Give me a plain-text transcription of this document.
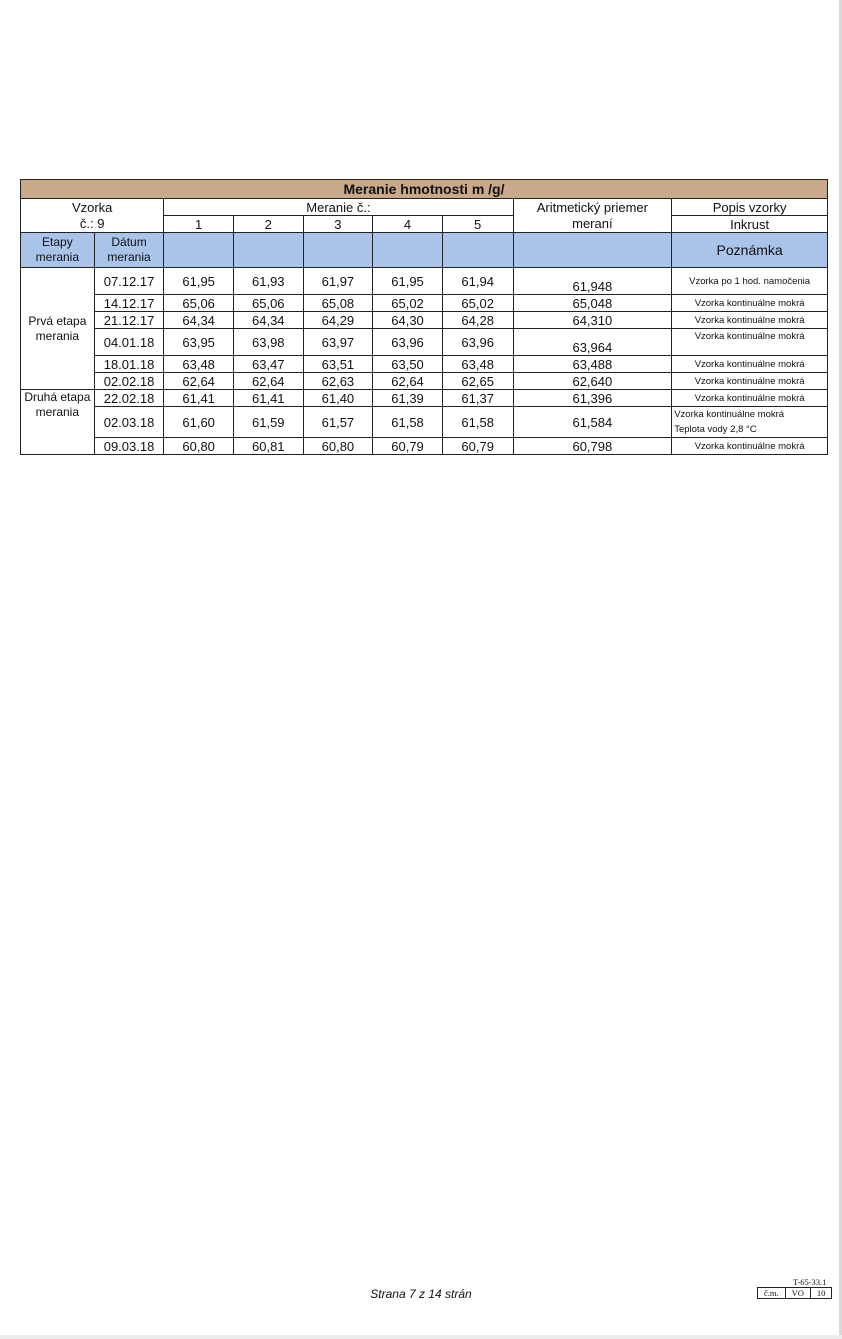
Meranie hmotnosti m /g/								
Vzorka		Meranie č.:					Aritmetický priemer	Popis vzorky
č.: 9		1	2	3	4	5	meraní	Inkrust
Etapy merania	Dátum merania							Poznámka
Prvá etapa merania	07.12.17	61,95	61,93	61,97	61,95	61,94	61,948	Vzorka po 1 hod. namočenia
	14.12.17	65,06	65,06	65,08	65,02	65,02	65,048	Vzorka kontinuálne mokrá
	21.12.17	64,34	64,34	64,29	64,30	64,28	64,310	Vzorka kontinuálne mokrá
	04.01.18	63,95	63,98	63,97	63,96	63,96	63,964	Vzorka kontinuálne mokrá
	18.01.18	63,48	63,47	63,51	63,50	63,48	63,488	Vzorka kontinuálne mokrá
	02.02.18	62,64	62,64	62,63	62,64	62,65	62,640	Vzorka kontinuálne mokrá
Druhá etapa merania	22.02.18	61,41	61,41	61,40	61,39	61,37	61,396	Vzorka kontinuálne mokrá
	02.03.18	61,60	61,59	61,57	61,58	61,58	61,584	Vzorka kontinuálne mokrá
Teplota vody 2,8 °C

	09.03.18	60,80	60,81	60,80	60,79	60,79	60,798	Vzorka kontinuálne mokrá
Strana 7 z 14 strán
T-65-33.1
č.m.	VO	10
